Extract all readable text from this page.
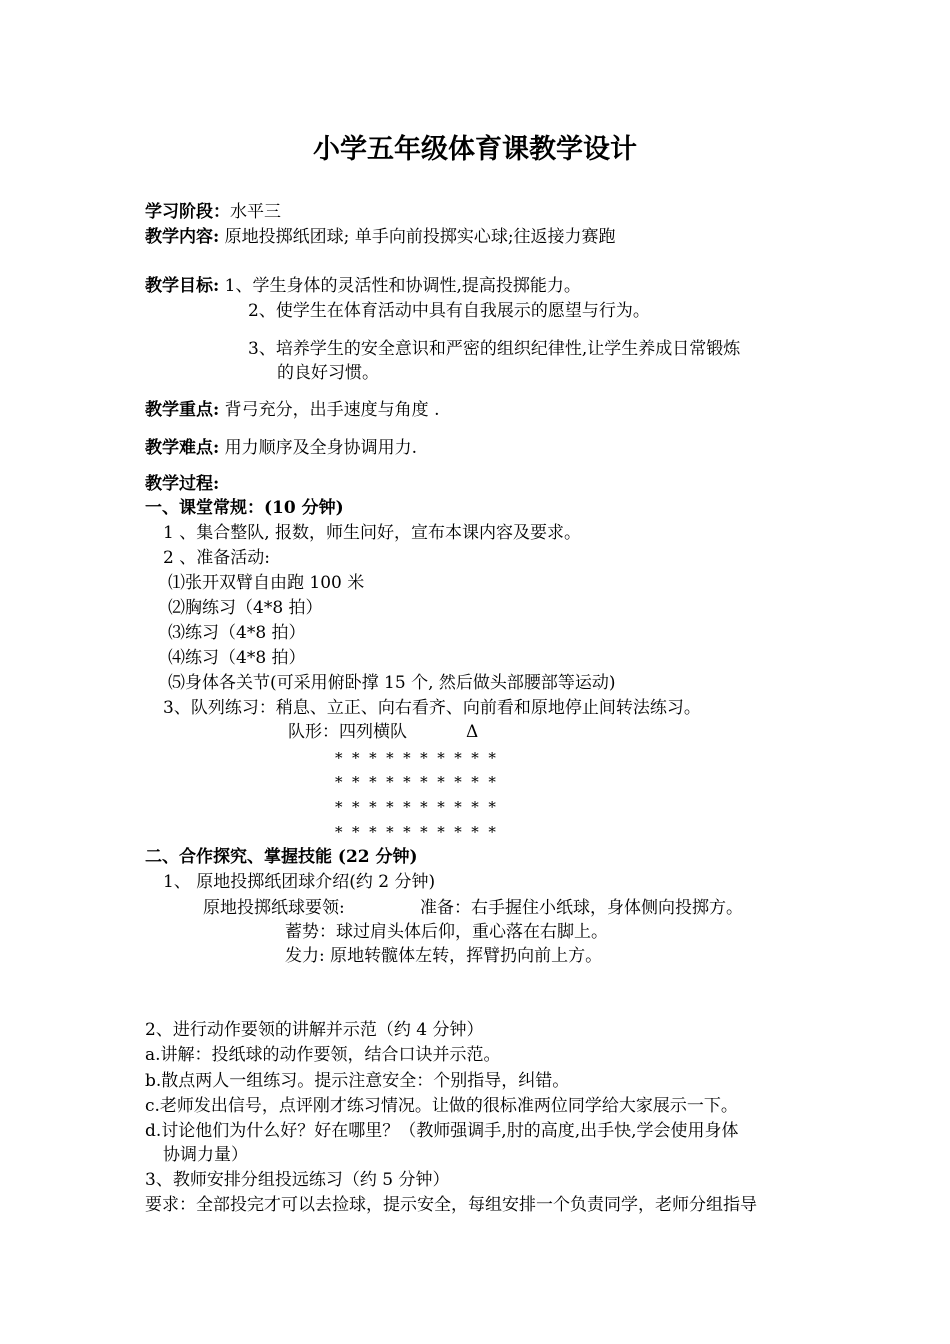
小学五年级体育课教学设计
学习阶段：水平三
教学内容: 原地投掷纸团球; 单手向前投掷实心球;往返接力赛跑
教学目标: 1、学生身体的灵活性和协调性,提高投掷能力。
2、使学生在体育活动中具有自我展示的愿望与行为。
3、培养学生的安全意识和严密的组织纪律性,让学生养成日常锻炼
的良好习惯。
教学重点: 背弓充分，出手速度与角度 .
教学难点: 用力顺序及全身协调用力.
教学过程:
一、课堂常规：(10 分钟)
1 、集合整队, 报数，师生问好，宣布本课内容及要求。
2 、准备活动:
⑴张开双臂自由跑 100 米
⑵胸练习（4*8 拍）
⑶练习（4*8 拍）
⑷练习（4*8 拍）
⑸身体各关节(可采用俯卧撑 15 个, 然后做头部腰部等运动)
3、队列练习：稍息、立正、向右看齐、向前看和原地停止间转法练习。
队形：四列横队	Δ
*  *  *  *  *  *  *  *  *  *
*  *  *  *  *  *  *  *  *  *
*  *  *  *  *  *  *  *  *  *
*  *  *  *  *  *  *  *  *  *
二、合作探究、掌握技能 (22 分钟)
1、 原地投掷纸团球介绍(约 2 分钟)
原地投掷纸球要领:	准备：右手握住小纸球，身体侧向投掷方。
蓄势：球过肩头体后仰，重心落在右脚上。
发力: 原地转髋体左转，挥臂扔向前上方。
2、进行动作要领的讲解并示范（约 4 分钟）
a.讲解：投纸球的动作要领，结合口诀并示范。
b.散点两人一组练习。提示注意安全：个别指导，纠错。
c.老师发出信号，点评刚才练习情况。让做的很标准两位同学给大家展示一下。
d.讨论他们为什么好？好在哪里？（教师强调手,肘的高度,出手快,学会使用身体
协调力量）
3、教师安排分组投远练习（约 5 分钟）
要求：全部投完才可以去捡球，提示安全，每组安排一个负责同学，老师分组指导
